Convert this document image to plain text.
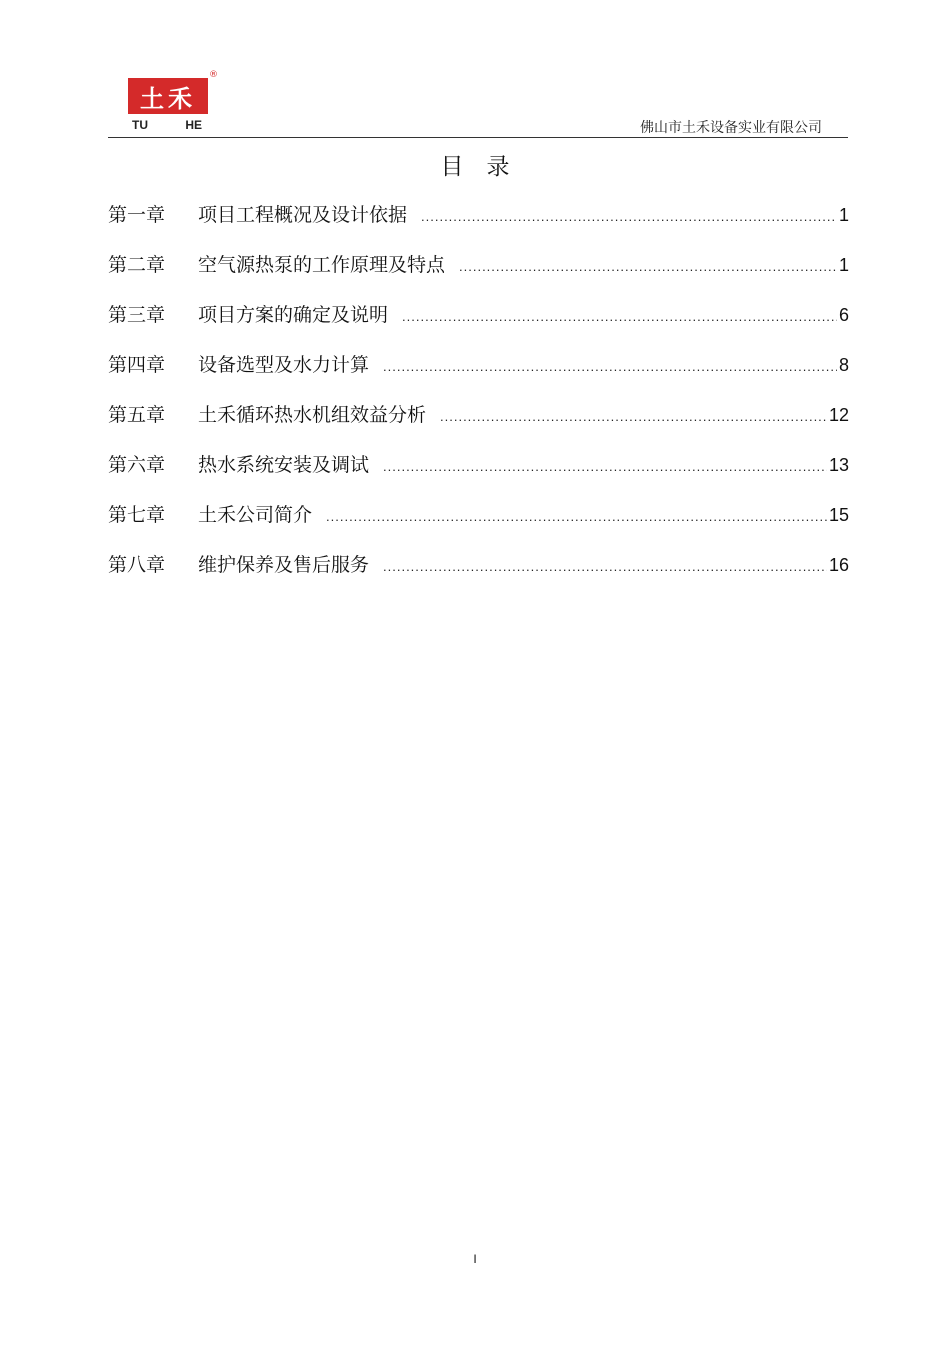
土禾
®
TU	HE	佛山市土禾设备实业有限公司
目　录
第一章	项目工程概况及设计依据 .....	1
第二章	空气源热泵的工作原理及特点 .....	1
第三章	项目方案的确定及说明 .....	6
第四章	设备选型及水力计算 .....	8
第五章	土禾循环热水机组效益分析 .....	12
第六章	热水系统安装及调试 .....	13
第七章	土禾公司简介 .....	15
第八章	维护保养及售后服务 .....	16
I
